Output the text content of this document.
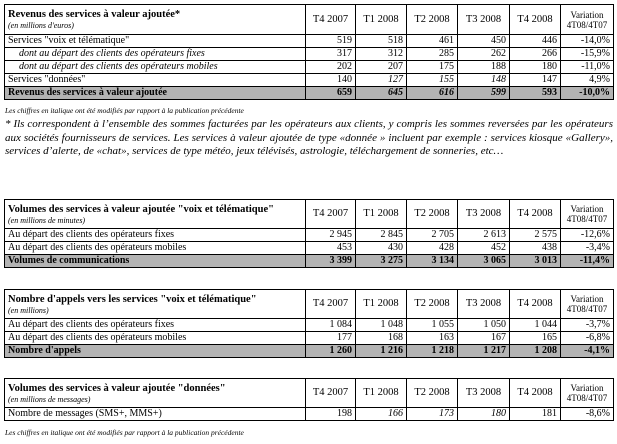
Revenus des services à valeur ajoutée*
(en millions d'euros)	T4 2007	T1 2008	T2 2008	T3 2008	T4 2008	Variation
4T08/4T07
Services "voix et télématique"	519	518	461	450	446	-14,0%
dont au départ des clients des opérateurs fixes	317	312	285	262	266	-15,9%
dont au départ des clients des opérateurs mobiles	202	207	175	188	180	-11,0%
Services "données"	140	127	155	148	147	4,9%
Revenus des services à valeur ajoutée	659	645	616	599	593	-10,0%
Les chiffres en italique ont été modifiés par rapport à la publication précédente

* Ils correspondent à l’ensemble des sommes facturées par les opérateurs aux clients, y compris les sommes reversées par les opérateurs aux sociétés fournisseurs de services. Les services à valeur ajoutée de type «donnée » incluent par exemple : services kiosque «Gallery», services d’alerte, de «chat», services de type météo, jeux télévisés, astrologie, téléchargement de sonneries, etc…

Volumes des services à valeur ajoutée "voix et télématique"
(en millions de minutes)	T4 2007	T1 2008	T2 2008	T3 2008	T4 2008	Variation
4T08/4T07
Au départ des clients des opérateurs fixes	2 945	2 845	2 705	2 613	2 575	-12,6%
Au départ des clients des opérateurs mobiles	453	430	428	452	438	-3,4%
Volumes de communications	3 399	3 275	3 134	3 065	3 013	-11,4%
Nombre d'appels vers les services "voix et télématique"
(en millions)	T4 2007	T1 2008	T2 2008	T3 2008	T4 2008	Variation
4T08/4T07
Au départ des clients des opérateurs fixes	1 084	1 048	1 055	1 050	1 044	-3,7%
Au départ des clients des opérateurs mobiles	177	168	163	167	165	-6,8%
Nombre d'appels	1 260	1 216	1 218	1 217	1 208	-4,1%
Volumes des services à valeur ajoutée "données"
(en millions de messages)	T4 2007	T1 2008	T2 2008	T3 2008	T4 2008	Variation
4T08/4T07
Nombre de messages (SMS+, MMS+)	198	166	173	180	181	-8,6%
Les chiffres en italique ont été modifiés par rapport à la publication précédente
